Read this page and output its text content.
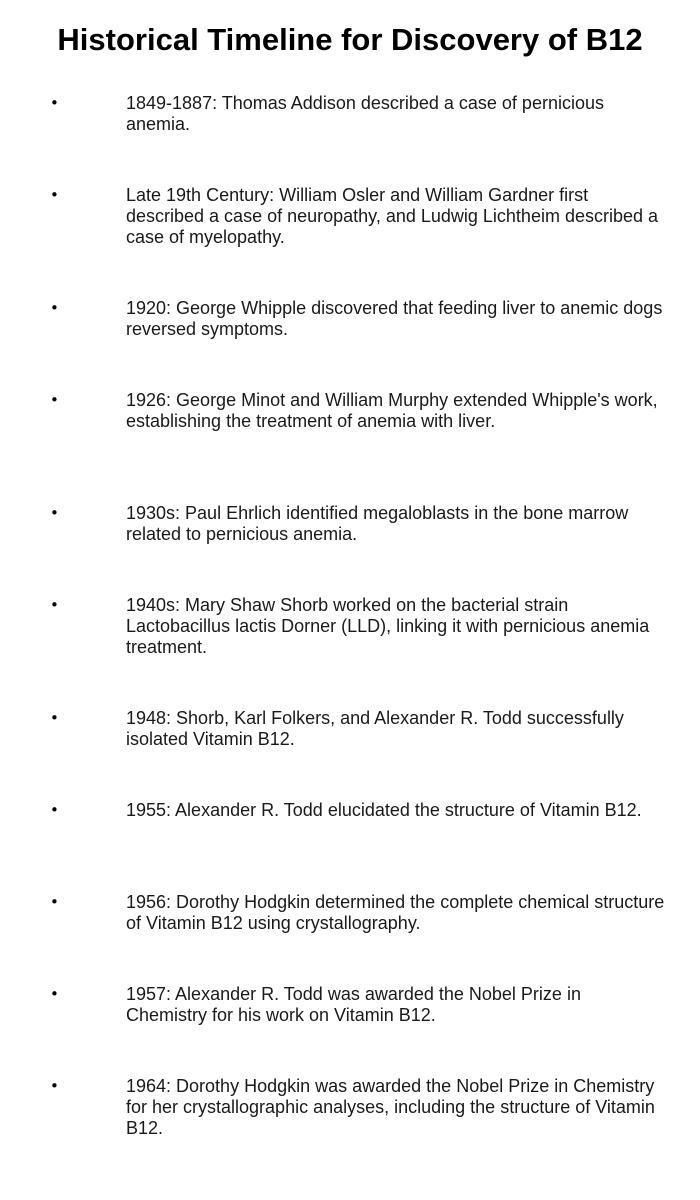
Historical Timeline for Discovery of B12
•	1849-1887: Thomas Addison described a case of pernicious anemia.

•	Late 19th Century: William Osler and William Gardner first described a case of neuropathy, and Ludwig Lichtheim described a case of myelopathy.

•	1920: George Whipple discovered that feeding liver to anemic dogs reversed symptoms.

•	1926: George Minot and William Murphy extended Whipple's work, establishing the treatment of anemia with liver.

•	1930s: Paul Ehrlich identified megaloblasts in the bone marrow related to pernicious anemia.

•	1940s: Mary Shaw Shorb worked on the bacterial strain Lactobacillus lactis Dorner (LLD), linking it with pernicious anemia treatment.

•	1948: Shorb, Karl Folkers, and Alexander R. Todd successfully isolated Vitamin B12.

•	1955: Alexander R. Todd elucidated the structure of Vitamin B12.

•	1956: Dorothy Hodgkin determined the complete chemical structure of Vitamin B12 using crystallography.

•	1957: Alexander R. Todd was awarded the Nobel Prize in Chemistry for his work on Vitamin B12.

•	1964: Dorothy Hodgkin was awarded the Nobel Prize in Chemistry for her crystallographic analyses, including the structure of Vitamin B12.
